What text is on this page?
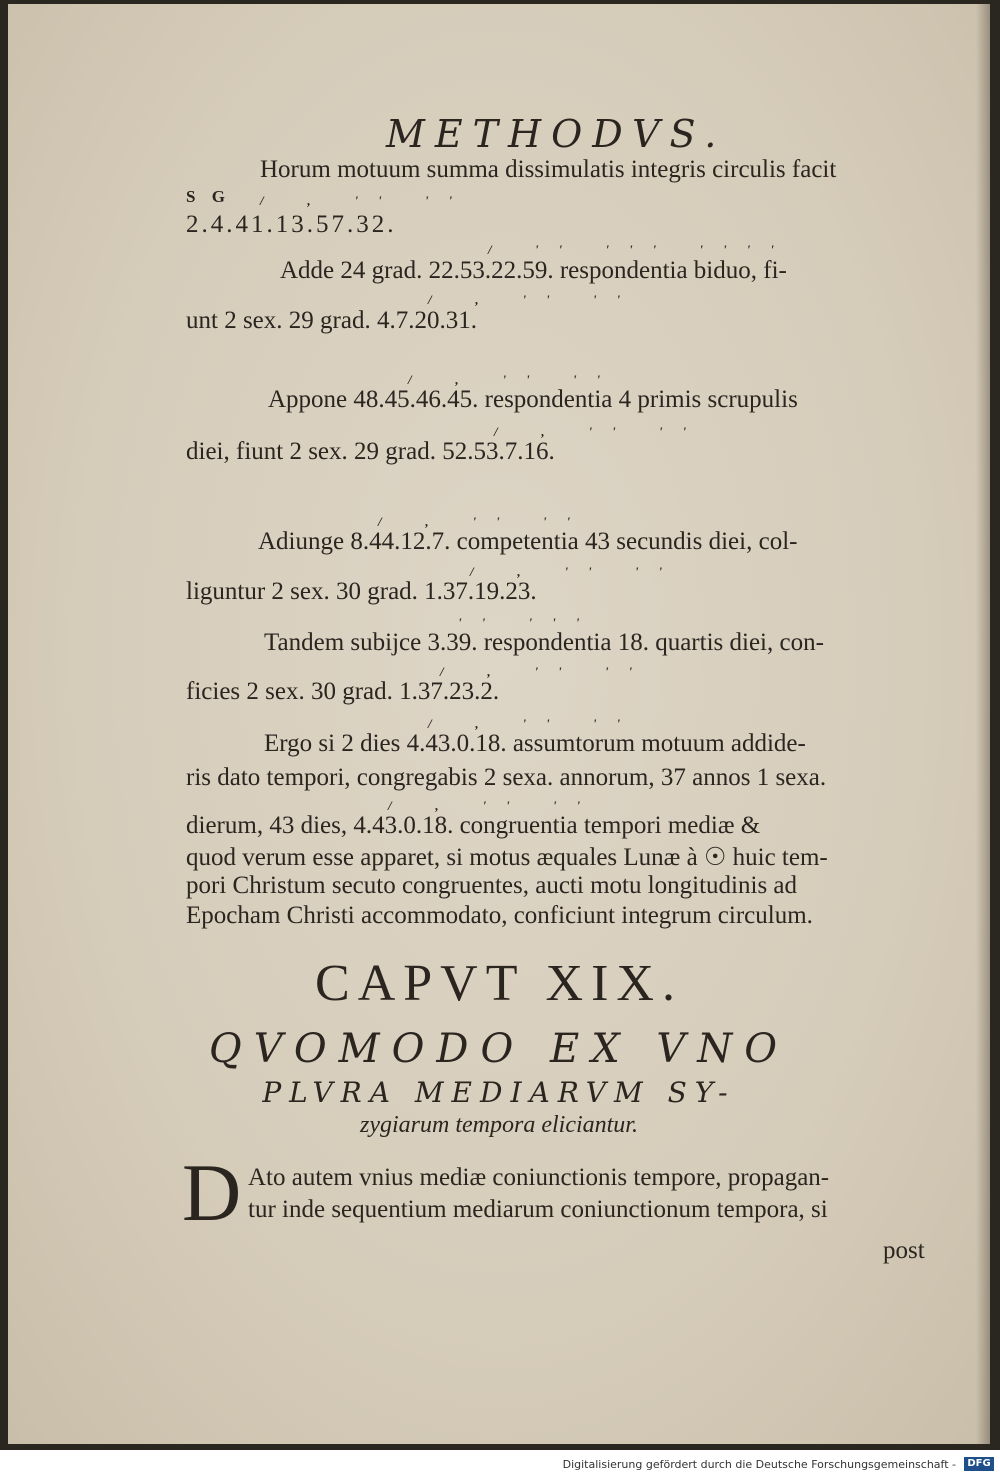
METHODVS.
Horum motuum summa dissimulatis integris circulis facit
S G / ‚ '' ''
2.4.41.13.57.32.
/ '' ''' ''''
Adde 24 grad. 22.53.22.59. respondentia biduo, fi-
/ ‚ '' ''
unt 2 sex. 29 grad. 4.7.20.31.
/ ‚ '' ''
Appone 48.45.46.45. respondentia 4 primis scrupulis
/ ‚ '' ''
diei, fiunt 2 sex. 29 grad. 52.53.7.16.
/ ‚ '' ''
Adiunge 8.44.12.7. competentia 43 secundis diei, col-
/ ‚ '' ''
liguntur 2 sex. 30 grad. 1.37.19.23.
'' '''
Tandem subijce 3.39. respondentia 18. quartis diei, con-
/ ‚ '' ''
ficies 2 sex. 30 grad. 1.37.23.2.
/ ‚ '' ''
Ergo si 2 dies 4.43.0.18. assumtorum motuum addide-
ris dato tempori, congregabis 2 sexa. annorum, 37 annos 1 sexa.
/ ‚ '' ''
dierum, 43 dies, 4.43.0.18. congruentia tempori mediæ &
quod verum esse apparet, si motus æquales Lunæ à ☉ huic tem-
pori Christum secuto congruentes, aucti motu longitudinis ad
Epocham Christi accommodato, conficiunt integrum circulum.
CAPVT XIX.
QVOMODO EX VNO
PLVRA MEDIARVM SY-
zygiarum tempora eliciantur.
D Ato autem vnius mediæ coniunctionis tempore, propagan-
tur inde sequentium mediarum coniunctionum tempora, si
post
Digitalisierung gefördert durch die Deutsche Forschungsgemeinschaft -	DFG
